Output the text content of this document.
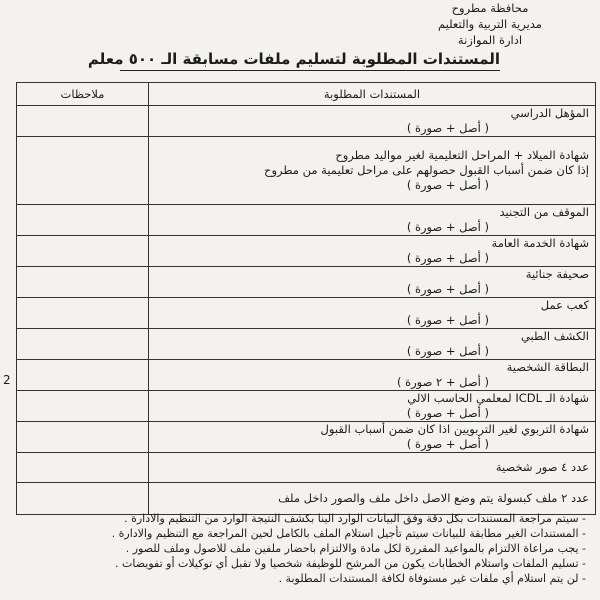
محافظة مطروح
مديرية التربية والتعليم
ادارة الموازنة
المستندات المطلوبة لتسليم ملفات مسابقة الـ ٥٠٠ معلم
2
المستندات المطلوبة	ملاحظات

المؤهل الدراسي
( أصل + صورة )	

شهادة الميلاد + المراحل التعليمية لغير مواليد مطروح
إذا كان ضمن أسباب القبول حصولهم على مراحل تعليمية من مطروح
( أصل + صورة )	

الموقف من التجنيد
( أصل + صورة )	

شهادة الخدمة العامة
( أصل + صورة )	

صحيفة جنائية
( أصل + صورة )	

كعب عمل
( أصل + صورة )	

الكشف الطبي
( أصل + صورة )	

البطاقة الشخصية
( أصل + ٢ صورة )	

شهادة الـ ICDL لمعلمي الحاسب الالي
( أصل + صورة )	

شهادة التربوي لغير التربويين اذا كان ضمن أسباب القبول
( أصل + صورة )	

عدد ٤ صور شخصية	

عدد ٢ ملف كبسولة يتم وضع الاصل داخل ملف والصور داخل ملف	

- سيتم مراجعة المستندات بكل دقة وفق البيانات الوارد الينا بكشف النتيجة الوارد من التنظيم والادارة .
- المستندات الغير مطابقة للبيانات سيتم تأجيل استلام الملف بالكامل لحين المراجعة مع التنظيم والادارة .
- يجب مراعاة الالتزام بالمواعيد المقررة لكل مادة والالتزام باحضار ملفين ملف للاصول وملف للصور .
- تسليم الملفات واستلام الخطابات يكون من المرشح للوظيفة شخصيا ولا تقبل أي توكيلات أو تفويضات .
- لن يتم استلام أي ملفات غير مستوفاة لكافة المستندات المطلوبة .
